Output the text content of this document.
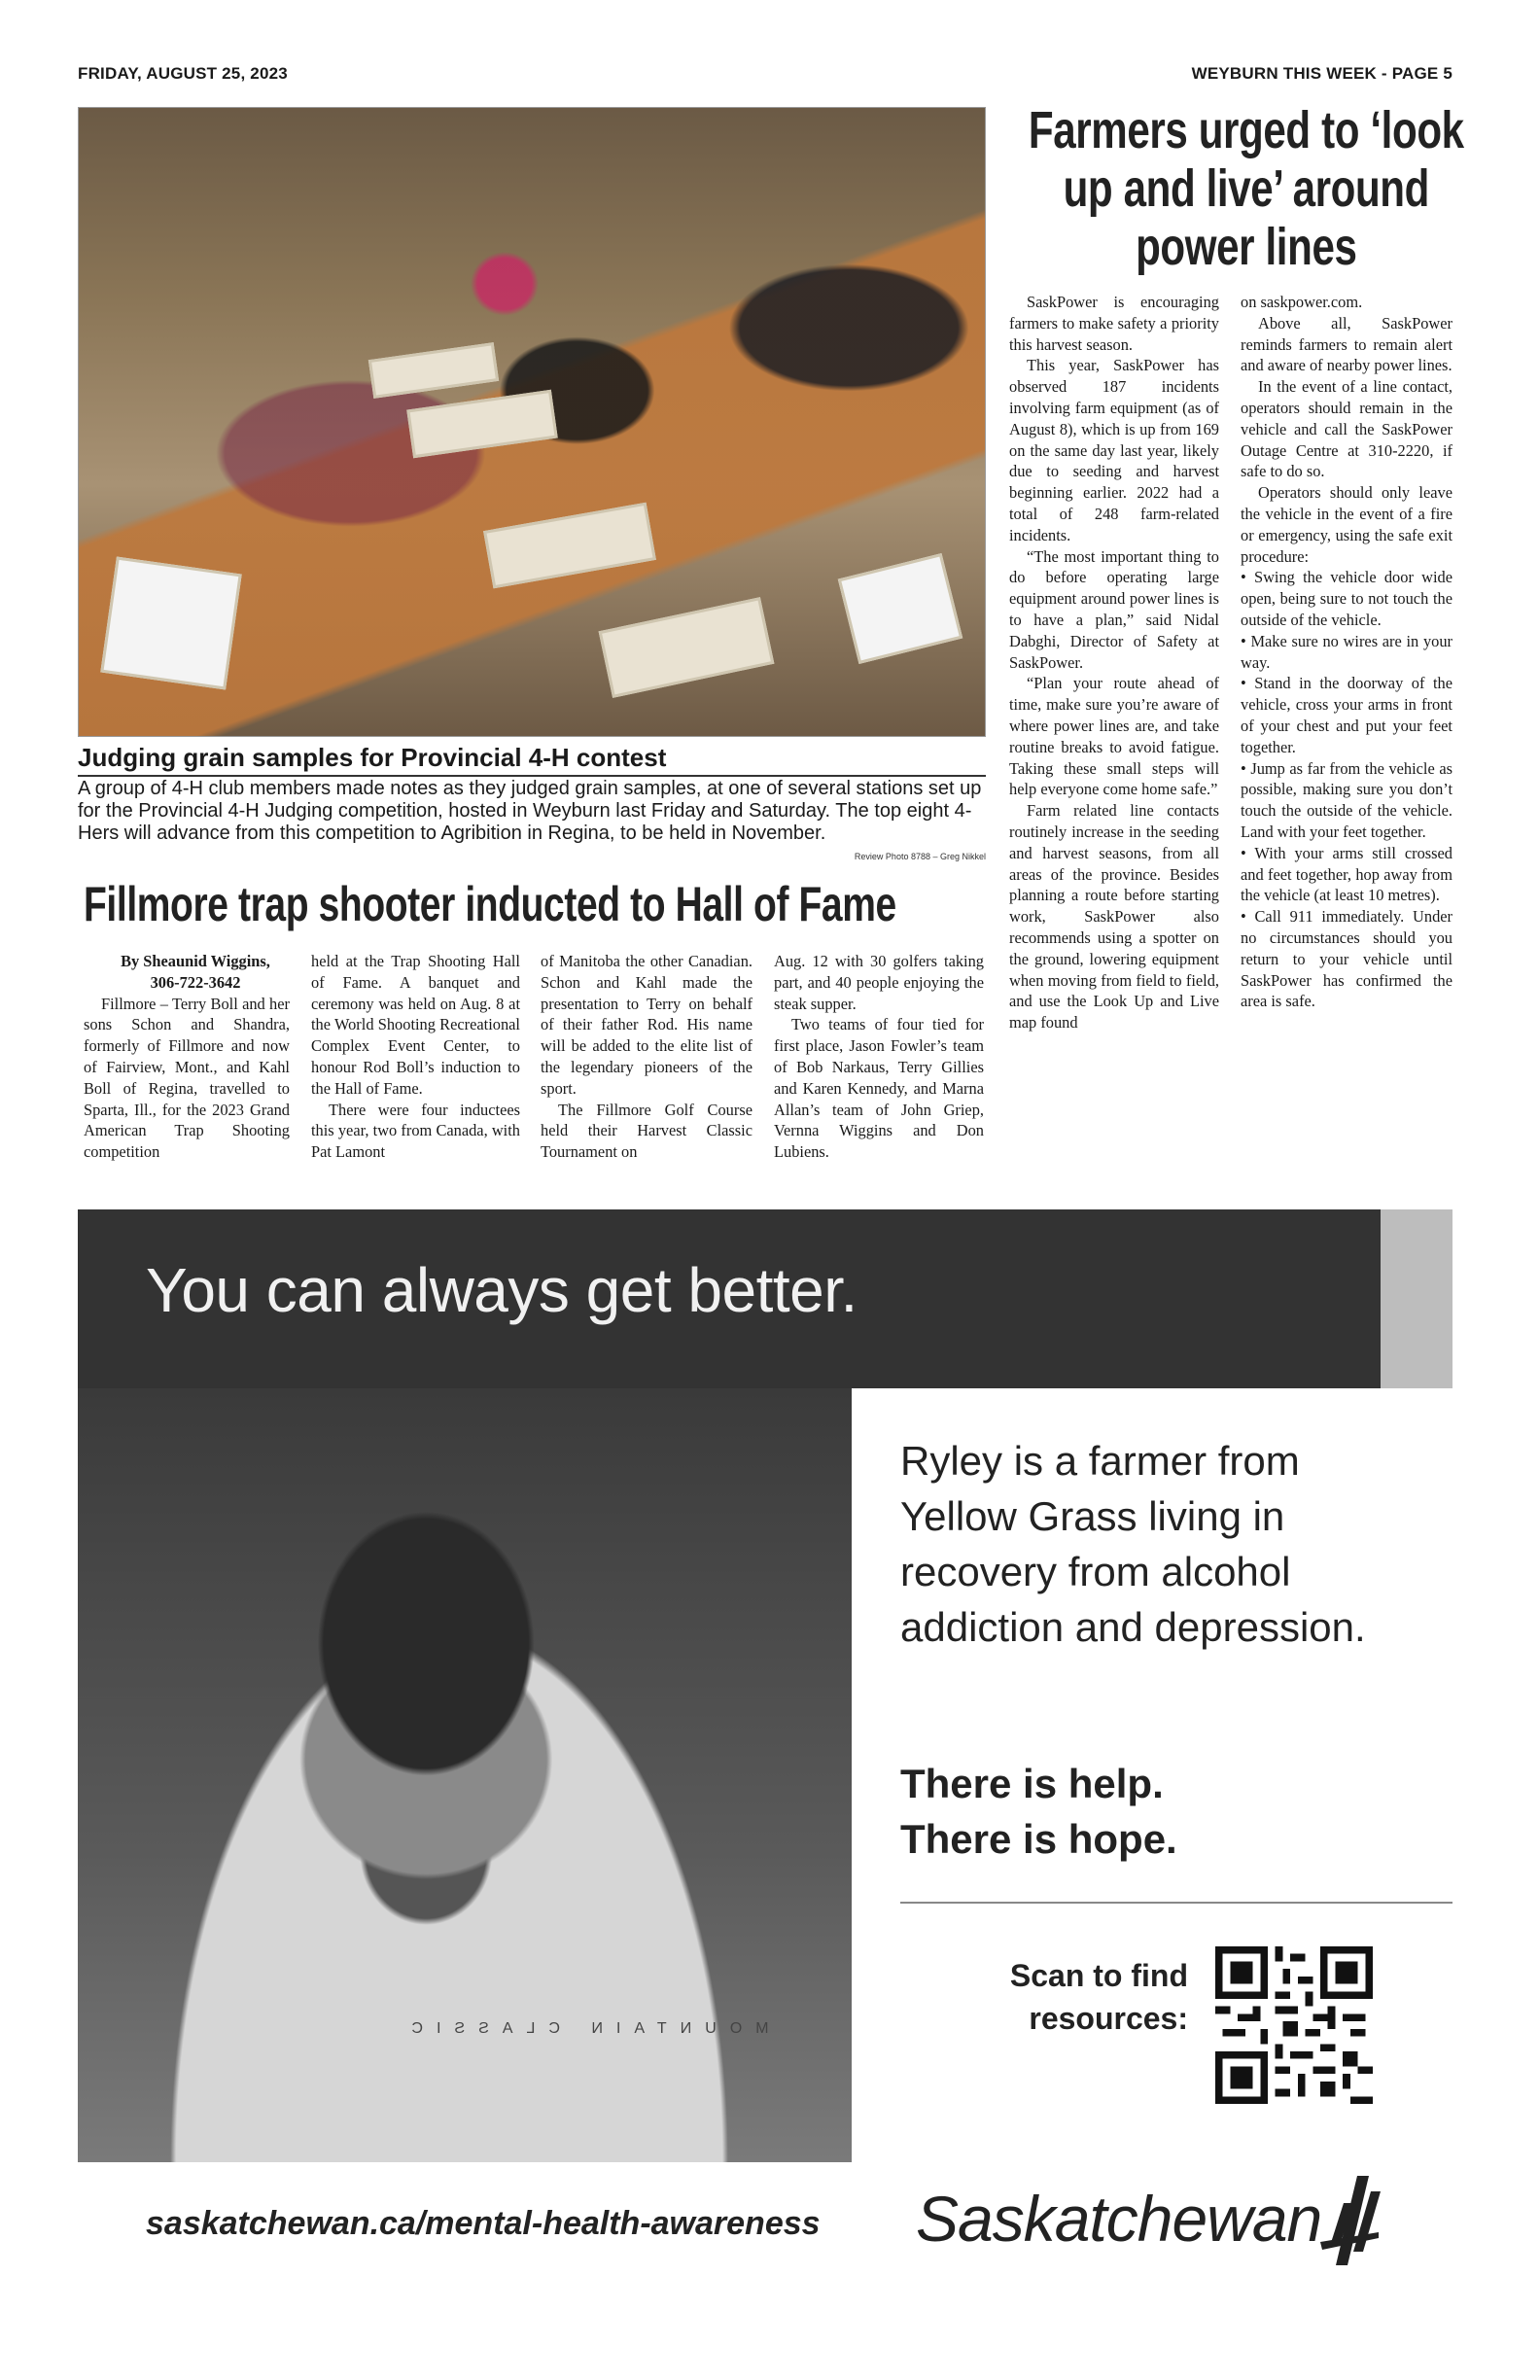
FRIDAY, AUGUST 25, 2023	WEYBURN THIS WEEK - PAGE 5
Judging grain samples for Provincial 4-H contest
A group of 4-H club members made notes as they judged grain samples, at one of several stations set up for the Provincial 4-H Judging competition, hosted in Weyburn last Friday and Saturday. The top eight 4-Hers will advance from this competition to Agribition in Regina, to be held in November.
Review Photo 8788 – Greg Nikkel
Farmers urged to ‘look up and live’ around power lines

SaskPower is encouraging farmers to make safety a priority this harvest season.

This year, SaskPower has observed 187 incidents involving farm equipment (as of August 8), which is up from 169 on the same day last year, likely due to seeding and harvest beginning earlier. 2022 had a total of 248 farm-related incidents.

“The most important thing to do before operating large equipment around power lines is to have a plan,” said Nidal Dabghi, Director of Safety at SaskPower.

“Plan your route ahead of time, make sure you’re aware of where power lines are, and take routine breaks to avoid fatigue. Taking these small steps will help everyone come home safe.”

Farm related line contacts routinely increase in the seeding and harvest seasons, from all areas of the province. Besides planning a route before starting work, SaskPower also recommends using a spotter on the ground, lowering equipment when moving from field to field, and use the Look Up and Live map found

on saskpower.com.

Above all, SaskPower reminds farmers to remain alert and aware of nearby power lines.

In the event of a line contact, operators should remain in the vehicle and call the SaskPower Outage Centre at 310-2220, if safe to do so.

Operators should only leave the vehicle in the event of a fire or emergency, using the safe exit procedure:

• Swing the vehicle door wide open, being sure to not touch the outside of the vehicle.

• Make sure no wires are in your way.

• Stand in the doorway of the vehicle, cross your arms in front of your chest and put your feet together.

• Jump as far from the vehicle as possible, making sure you don’t touch the outside of the vehicle. Land with your feet together.

• With your arms still crossed and feet together, hop away from the vehicle (at least 10 metres).

• Call 911 immediately. Under no circumstances should you return to your vehicle until SaskPower has confirmed the area is safe.

Fillmore trap shooter inducted to Hall of Fame

By Sheaunid Wiggins,

306-722-3642

Fillmore – Terry Boll and her sons Schon and Shandra, formerly of Fillmore and now of Fairview, Mont., and Kahl Boll of Regina, travelled to Sparta, Ill., for the 2023 Grand American Trap Shooting competition

held at the Trap Shooting Hall of Fame. A banquet and ceremony was held on Aug. 8 at the World Shooting Recreational Complex Event Center, to honour Rod Boll’s induction to the Hall of Fame.

There were four inductees this year, two from Canada, with Pat Lamont

of Manitoba the other Canadian. Schon and Kahl made the presentation to Terry on behalf of their father Rod. His name will be added to the elite list of the legendary pioneers of the sport.

The Fillmore Golf Course held their Harvest Classic Tournament on

Aug. 12 with 30 golfers taking part, and 40 people enjoying the steak supper.

Two teams of four tied for first place, Jason Fowler’s team of Bob Narkaus, Terry Gillies and Karen Kennedy, and Marna Allan’s team of John Griep, Vernna Wiggins and Don Lubiens.

You can always get better.
MOUNTAIN CLASSIC
Ryley is a farmer from Yellow Grass living in recovery from alcohol addiction and depression.
There is help.
There is hope.
Scan to find
resources:
saskatchewan.ca/mental-health-awareness Saskatchewan
